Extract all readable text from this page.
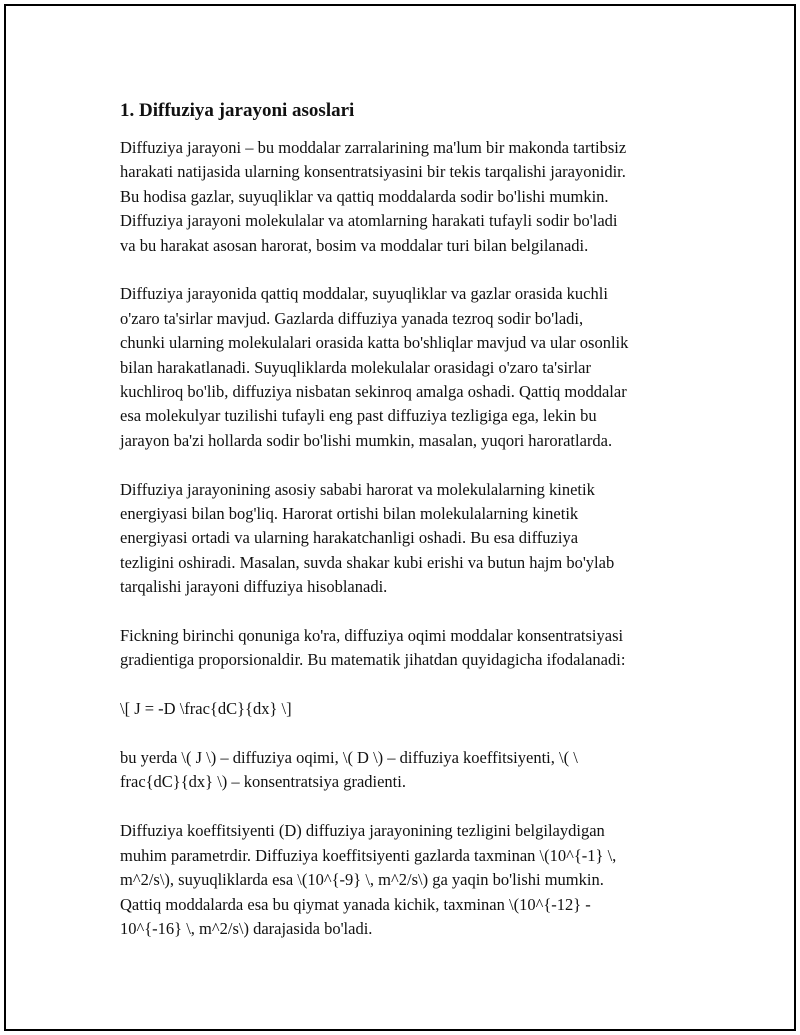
1. Diffuziya jarayoni asoslari

Diffuziya jarayoni – bu moddalar zarralarining ma'lum bir makonda tartibsiz
harakati natijasida ularning konsentratsiyasini bir tekis tarqalishi jarayonidir.
Bu hodisa gazlar, suyuqliklar va qattiq moddalarda sodir bo'lishi mumkin.
Diffuziya jarayoni molekulalar va atomlarning harakati tufayli sodir bo'ladi
va bu harakat asosan harorat, bosim va moddalar turi bilan belgilanadi.

Diffuziya jarayonida qattiq moddalar, suyuqliklar va gazlar orasida kuchli
o'zaro ta'sirlar mavjud. Gazlarda diffuziya yanada tezroq sodir bo'ladi,
chunki ularning molekulalari orasida katta bo'shliqlar mavjud va ular osonlik
bilan harakatlanadi. Suyuqliklarda molekulalar orasidagi o'zaro ta'sirlar
kuchliroq bo'lib, diffuziya nisbatan sekinroq amalga oshadi. Qattiq moddalar
esa molekulyar tuzilishi tufayli eng past diffuziya tezligiga ega, lekin bu
jarayon ba'zi hollarda sodir bo'lishi mumkin, masalan, yuqori haroratlarda.

Diffuziya jarayonining asosiy sababi harorat va molekulalarning kinetik
energiyasi bilan bog'liq. Harorat ortishi bilan molekulalarning kinetik
energiyasi ortadi va ularning harakatchanligi oshadi. Bu esa diffuziya
tezligini oshiradi. Masalan, suvda shakar kubi erishi va butun hajm bo'ylab
tarqalishi jarayoni diffuziya hisoblanadi.

Fickning birinchi qonuniga ko'ra, diffuziya oqimi moddalar konsentratsiyasi
gradientiga proporsionaldir. Bu matematik jihatdan quyidagicha ifodalanadi:

\[ J = -D \frac{dC}{dx} \]

bu yerda \( J \) – diffuziya oqimi, \( D \) – diffuziya koeffitsiyenti, \( \
frac{dC}{dx} \) – konsentratsiya gradienti.

Diffuziya koeffitsiyenti (D) diffuziya jarayonining tezligini belgilaydigan
muhim parametrdir. Diffuziya koeffitsiyenti gazlarda taxminan \(10^{-1} \,
m^2/s\), suyuqliklarda esa \(10^{-9} \, m^2/s\) ga yaqin bo'lishi mumkin.
Qattiq moddalarda esa bu qiymat yanada kichik, taxminan \(10^{-12} -
10^{-16} \, m^2/s\) darajasida bo'ladi.
